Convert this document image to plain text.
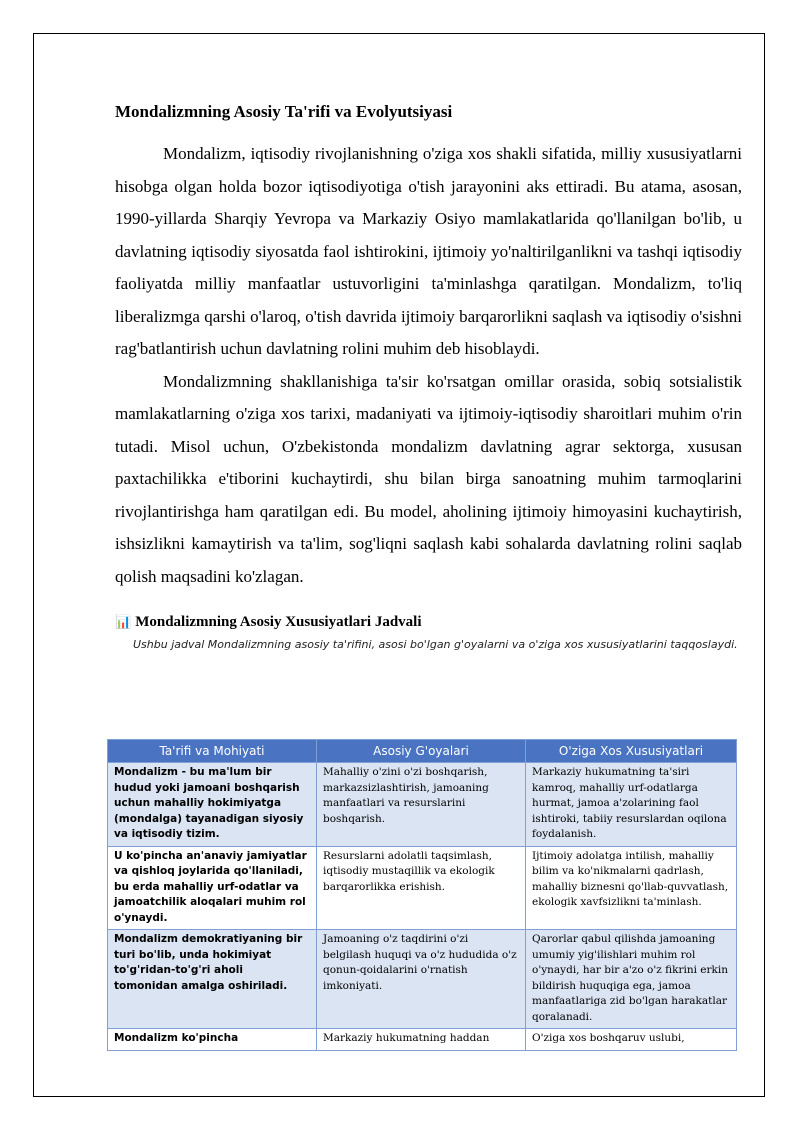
Mondalizmning Asosiy Ta'rifi va Evolyutsiyasi

Mondalizm, iqtisodiy rivojlanishning o'ziga xos shakli sifatida, milliy xususiyatlarni hisobga olgan holda bozor iqtisodiyotiga o'tish jarayonini aks ettiradi. Bu atama, asosan, 1990-yillarda Sharqiy Yevropa va Markaziy Osiyo mamlakatlarida qo'llanilgan bo'lib, u davlatning iqtisodiy siyosatda faol ishtirokini, ijtimoiy yo'naltirilganlikni va tashqi iqtisodiy faoliyatda milliy manfaatlar ustuvorligini ta'minlashga qaratilgan. Mondalizm, to'liq liberalizmga qarshi o'laroq, o'tish davrida ijtimoiy barqarorlikni saqlash va iqtisodiy o'sishni rag'batlantirish uchun davlatning rolini muhim deb hisoblaydi.

Mondalizmning shakllanishiga ta'sir ko'rsatgan omillar orasida, sobiq sotsialistik mamlakatlarning o'ziga xos tarixi, madaniyati va ijtimoiy-iqtisodiy sharoitlari muhim o'rin tutadi. Misol uchun, O'zbekistonda mondalizm davlatning agrar sektorga, xususan paxtachilikka e'tiborini kuchaytirdi, shu bilan birga sanoatning muhim tarmoqlarini rivojlantirishga ham qaratilgan edi. Bu model, aholining ijtimoiy himoyasini kuchaytirish, ishsizlikni kamaytirish va ta'lim, sog'liqni saqlash kabi sohalarda davlatning rolini saqlab qolish maqsadini ko'zlagan.

📊 Mondalizmning Asosiy Xususiyatlari Jadvali
Ushbu jadval Mondalizmning asosiy ta'rifini, asosi bo'lgan g'oyalarni va o'ziga xos xususiyatlarini taqqoslaydi.
Ta'rifi va Mohiyati	Asosiy G'oyalari	O'ziga Xos Xususiyatlari
Mondalizm - bu ma'lum bir hudud yoki jamoani boshqarish uchun mahalliy hokimiyatga (mondalga) tayanadigan siyosiy va iqtisodiy tizim.	Mahalliy o'zini o'zi boshqarish, markazsizlashtirish, jamoaning manfaatlari va resurslarini boshqarish.	Markaziy hukumatning ta'siri kamroq, mahalliy urf-odatlarga hurmat, jamoa a'zolarining faol ishtiroki, tabiiy resurslardan oqilona foydalanish.
U ko'pincha an'anaviy jamiyatlar va qishloq joylarida qo'llaniladi, bu erda mahalliy urf-odatlar va jamoatchilik aloqalari muhim rol o'ynaydi.	Resurslarni adolatli taqsimlash, iqtisodiy mustaqillik va ekologik barqarorlikka erishish.	Ijtimoiy adolatga intilish, mahalliy bilim va ko'nikmalarni qadrlash, mahalliy biznesni qo'llab-quvvatlash, ekologik xavfsizlikni ta'minlash.
Mondalizm demokratiyaning bir turi bo'lib, unda hokimiyat to'g'ridan-to'g'ri aholi tomonidan amalga oshiriladi.	Jamoaning o'z taqdirini o'zi belgilash huquqi va o'z hududida o'z qonun-qoidalarini o'rnatish imkoniyati.	Qarorlar qabul qilishda jamoaning umumiy yig'ilishlari muhim rol o'ynaydi, har bir a'zo o'z fikrini erkin bildirish huquqiga ega, jamoa manfaatlariga zid bo'lgan harakatlar qoralanadi.
Mondalizm ko'pincha	Markaziy hukumatning haddan	O'ziga xos boshqaruv uslubi,
